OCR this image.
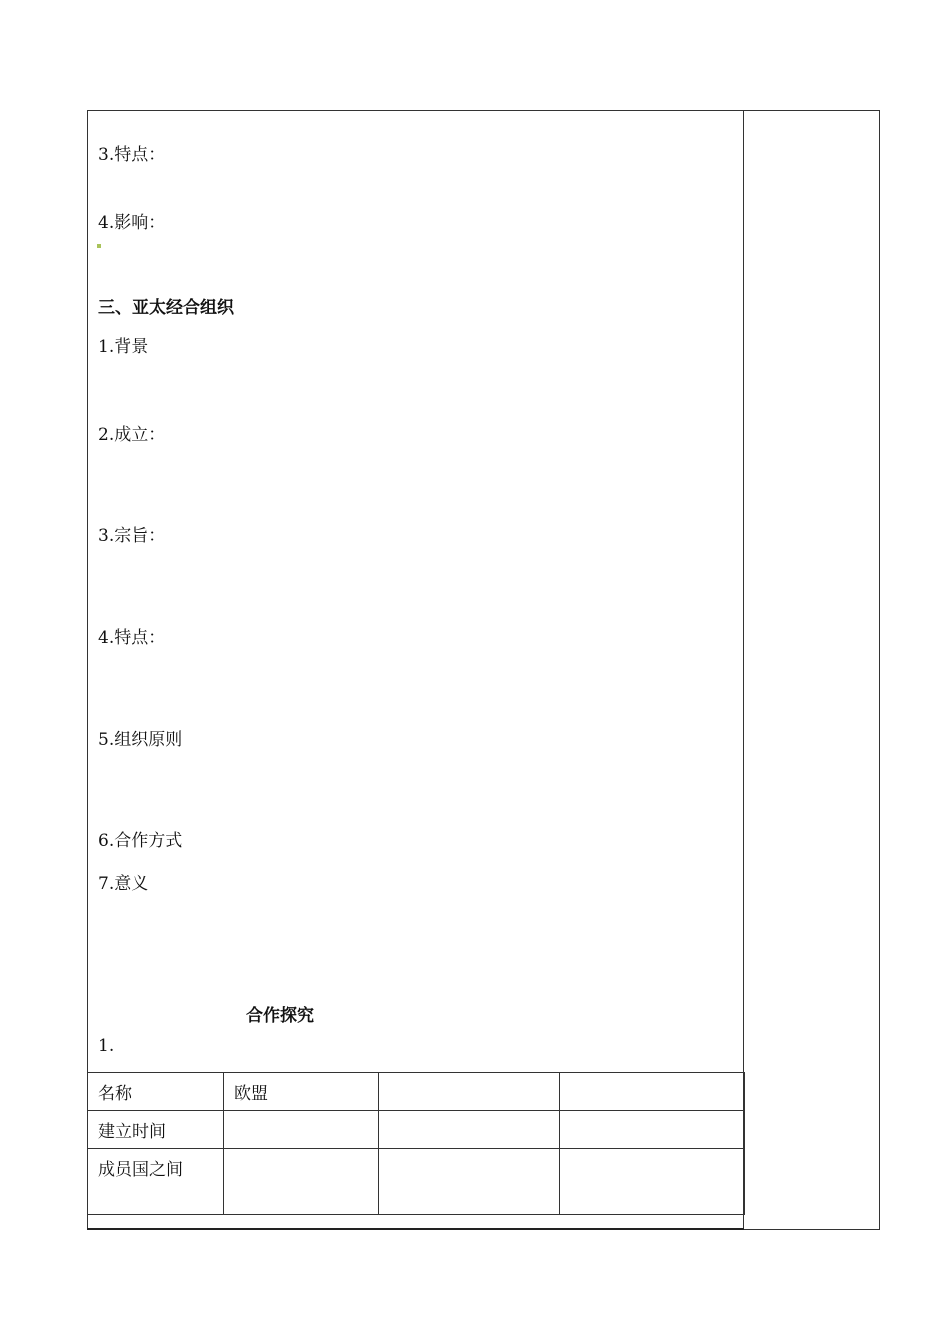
3.特点：
4.影响：
三、亚太经合组织
1.背景
2.成立：
3.宗旨：
4.特点：
5.组织原则
6.合作方式
7.意义
合作探究
1.
名称	欧盟		
建立时间			
成员国之间			
